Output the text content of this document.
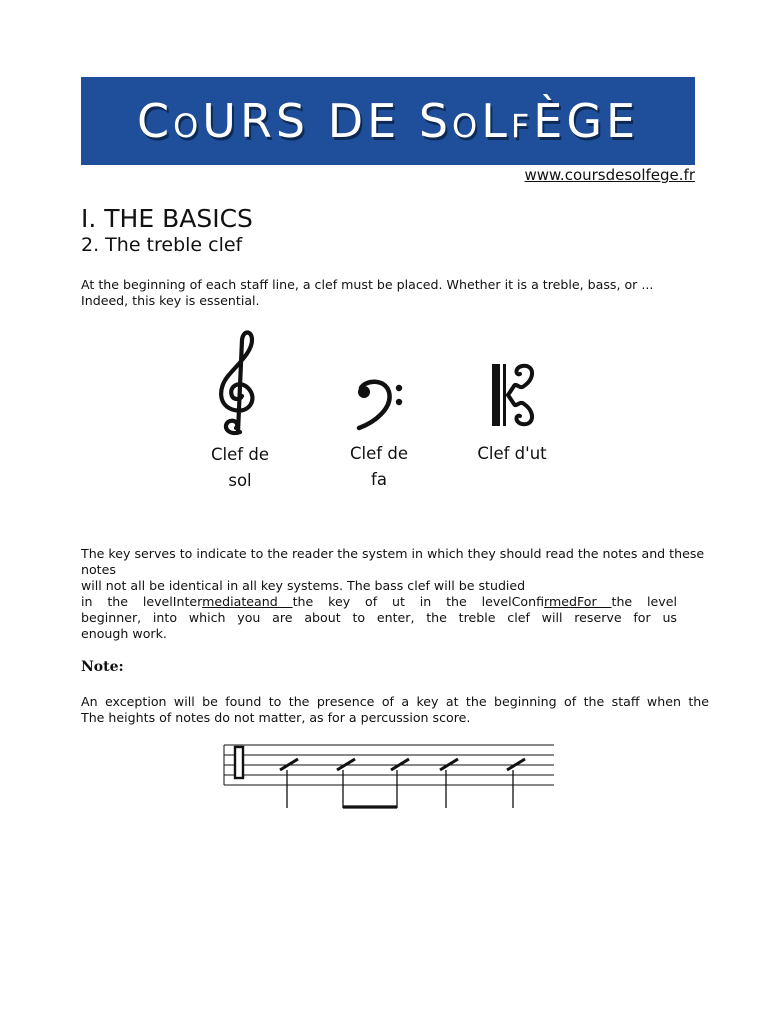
CoURS DE SoLfÈGE
www.coursdesolfege.fr
I. THE BASICS
2. The treble clef

At the beginning of each staff line, a clef must be placed. Whether it is a treble, bass, or ...

Indeed, this key is essential.

Clef de
sol
Clef de
fa
Clef d'ut

The key serves to indicate to the reader the system in which they should read the notes and these notes

will not all be identical in all key systems. The bass clef will be studied

in the levelIntermediateand the key of ut in the levelConfirmedFor the level

beginner, into which you are about to enter, the treble clef will reserve for us

enough work.

Note:

An exception will be found to the presence of a key at the beginning of the staff when the

The heights of notes do not matter, as for a percussion score.
